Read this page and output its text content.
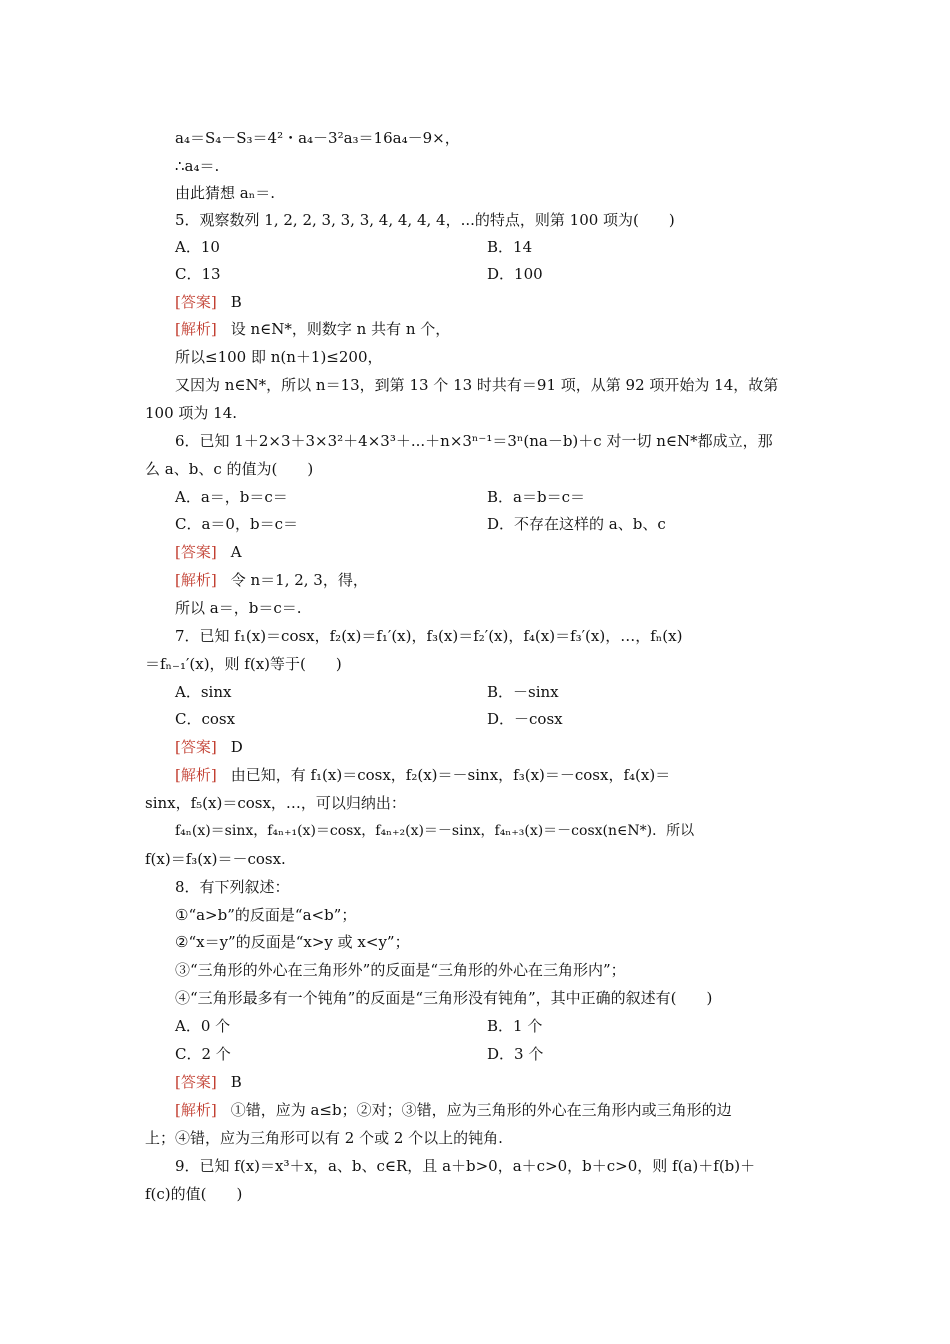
a₄＝S₄－S₃＝4²・a₄－3²a₃＝16a₄－9×，
∴a₄＝.
由此猜想 aₙ＝.
5．观察数列 1, 2, 2, 3, 3, 3, 4, 4, 4, 4，...的特点，则第 100 项为(　　)
A．10	B．14
C．13	D．100
[答案] B
[解析] 设 n∈N*，则数字 n 共有 n 个，
所以≤100 即 n(n＋1)≤200，
又因为 n∈N*，所以 n＝13，到第 13 个 13 时共有＝91 项，从第 92 项开始为 14，故第
100 项为 14.
6．已知 1＋2×3＋3×3²＋4×3³＋...＋n×3ⁿ⁻¹＝3ⁿ(na－b)＋c 对一切 n∈N*都成立，那
么 a、b、c 的值为(　　)
A．a＝，b＝c＝	B．a＝b＝c＝
C．a＝0，b＝c＝	D．不存在这样的 a、b、c
[答案] A
[解析] 令 n＝1, 2, 3，得，
所以 a＝，b＝c＝.
7．已知 f₁(x)＝cosx，f₂(x)＝f₁′(x)，f₃(x)＝f₂′(x)，f₄(x)＝f₃′(x)，…，fₙ(x)
＝fₙ₋₁′(x)，则 f(x)等于(　　)
A．sinx	B．－sinx
C．cosx	D．－cosx
[答案] D
[解析] 由已知，有 f₁(x)＝cosx，f₂(x)＝－sinx，f₃(x)＝－cosx，f₄(x)＝
sinx，f₅(x)＝cosx，…，可以归纳出：
f₄ₙ(x)＝sinx，f₄ₙ₊₁(x)＝cosx，f₄ₙ₊₂(x)＝－sinx，f₄ₙ₊₃(x)＝－cosx(n∈N*)．所以
f(x)＝f₃(x)＝－cosx.
8．有下列叙述：
①“a>b”的反面是“a<b”；
②“x＝y”的反面是“x>y 或 x<y”；
③“三角形的外心在三角形外”的反面是“三角形的外心在三角形内”；
④“三角形最多有一个钝角”的反面是“三角形没有钝角”，其中正确的叙述有(　　)
A．0 个	B．1 个
C．2 个	D．3 个
[答案] B
[解析] ①错，应为 a≤b；②对；③错，应为三角形的外心在三角形内或三角形的边
上；④错，应为三角形可以有 2 个或 2 个以上的钝角.
9．已知 f(x)＝x³＋x，a、b、c∈R，且 a＋b>0，a＋c>0，b＋c>0，则 f(a)＋f(b)＋
f(c)的值(　　)
